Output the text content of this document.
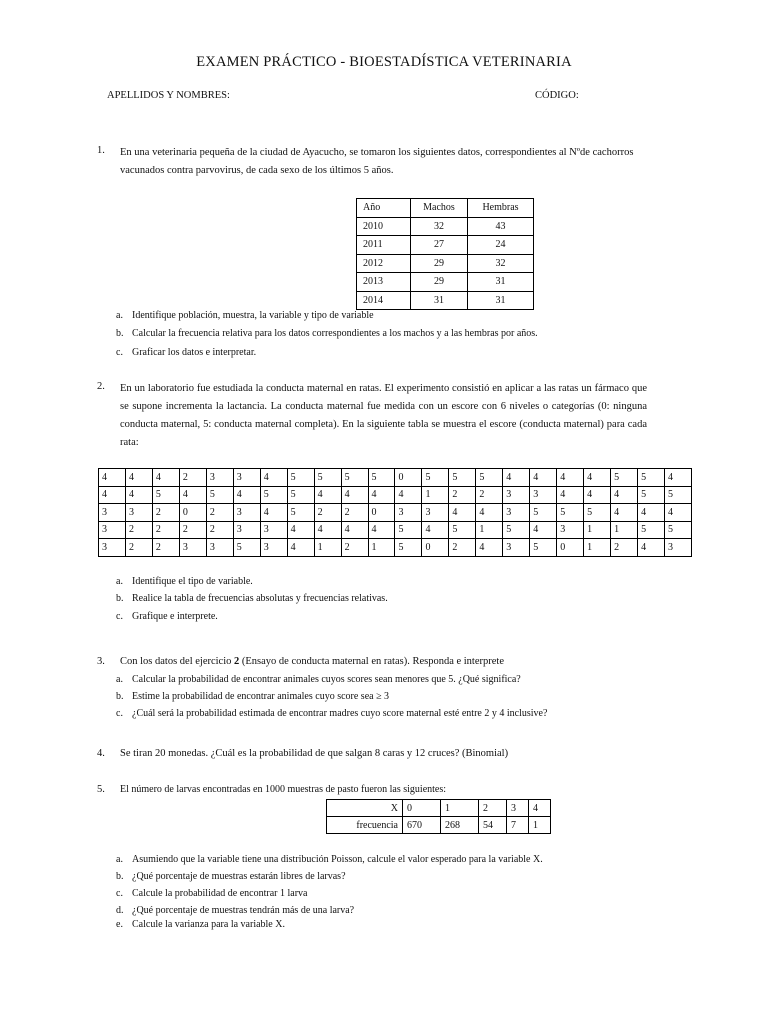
EXAMEN PRÁCTICO - BIOESTADÍSTICA VETERINARIA
APELLIDOS Y NOMBRES:	CÓDIGO:
1. En una veterinaria pequeña de la ciudad de Ayacucho, se tomaron los siguientes datos, correspondientes al Nºde cachorros vacunados contra parvovirus, de cada sexo de los últimos 5 años.
Año	Machos	Hembras
2010	32	43
2011	27	24
2012	29	32
2013	29	31
2014	31	31
a. Identifique población, muestra, la variable y tipo de variable
b. Calcular la frecuencia relativa para los datos correspondientes a los machos y a las hembras por años.
c. Graficar los datos e interpretar.
2. En un laboratorio fue estudiada la conducta maternal en ratas. El experimento consistió en aplicar a las ratas un fármaco que se supone incrementa la lactancia. La conducta maternal fue medida con un escore con 6 niveles o categorías (0: ninguna conducta maternal, 5: conducta maternal completa). En la siguiente tabla se muestra el escore (conducta maternal) para cada rata:
4	4	4	2	3	3	4	5	5	5	5	0	5	5	5	4	4	4	4	5	5	4
4	4	5	4	5	4	5	5	4	4	4	4	1	2	2	3	3	4	4	4	5	5
3	3	2	0	2	3	4	5	2	2	0	3	3	4	4	3	5	5	5	4	4	4
3	2	2	2	2	3	3	4	4	4	4	5	4	5	1	5	4	3	1	1	5	5
3	2	2	3	3	5	3	4	1	2	1	5	0	2	4	3	5	0	1	2	4	3
a. Identifique el tipo de variable.
b. Realice la tabla de frecuencias absolutas y frecuencias relativas.
c. Grafique e interprete.
3. Con los datos del ejercicio 2 (Ensayo de conducta maternal en ratas). Responda e interprete
a. Calcular la probabilidad de encontrar animales cuyos scores sean menores que 5. ¿Qué significa?
b. Estime la probabilidad de encontrar animales cuyo score sea ≥ 3
c. ¿Cuál será la probabilidad estimada de encontrar madres cuyo score maternal esté entre 2 y 4 inclusive?
4. Se tiran 20 monedas. ¿Cuál es la probabilidad de que salgan 8 caras y 12 cruces? (Binomial)
5. El número de larvas encontradas en 1000 muestras de pasto fueron las siguientes:
X	0	1	2	3	4
frecuencia	670	268	54	7	1
a. Asumiendo que la variable tiene una distribución Poisson, calcule el valor esperado para la variable X.
b. ¿Qué porcentaje de muestras estarán libres de larvas?
c. Calcule la probabilidad de encontrar 1 larva
d. ¿Qué porcentaje de muestras tendrán más de una larva?
e. Calcule la varianza para la variable X.
